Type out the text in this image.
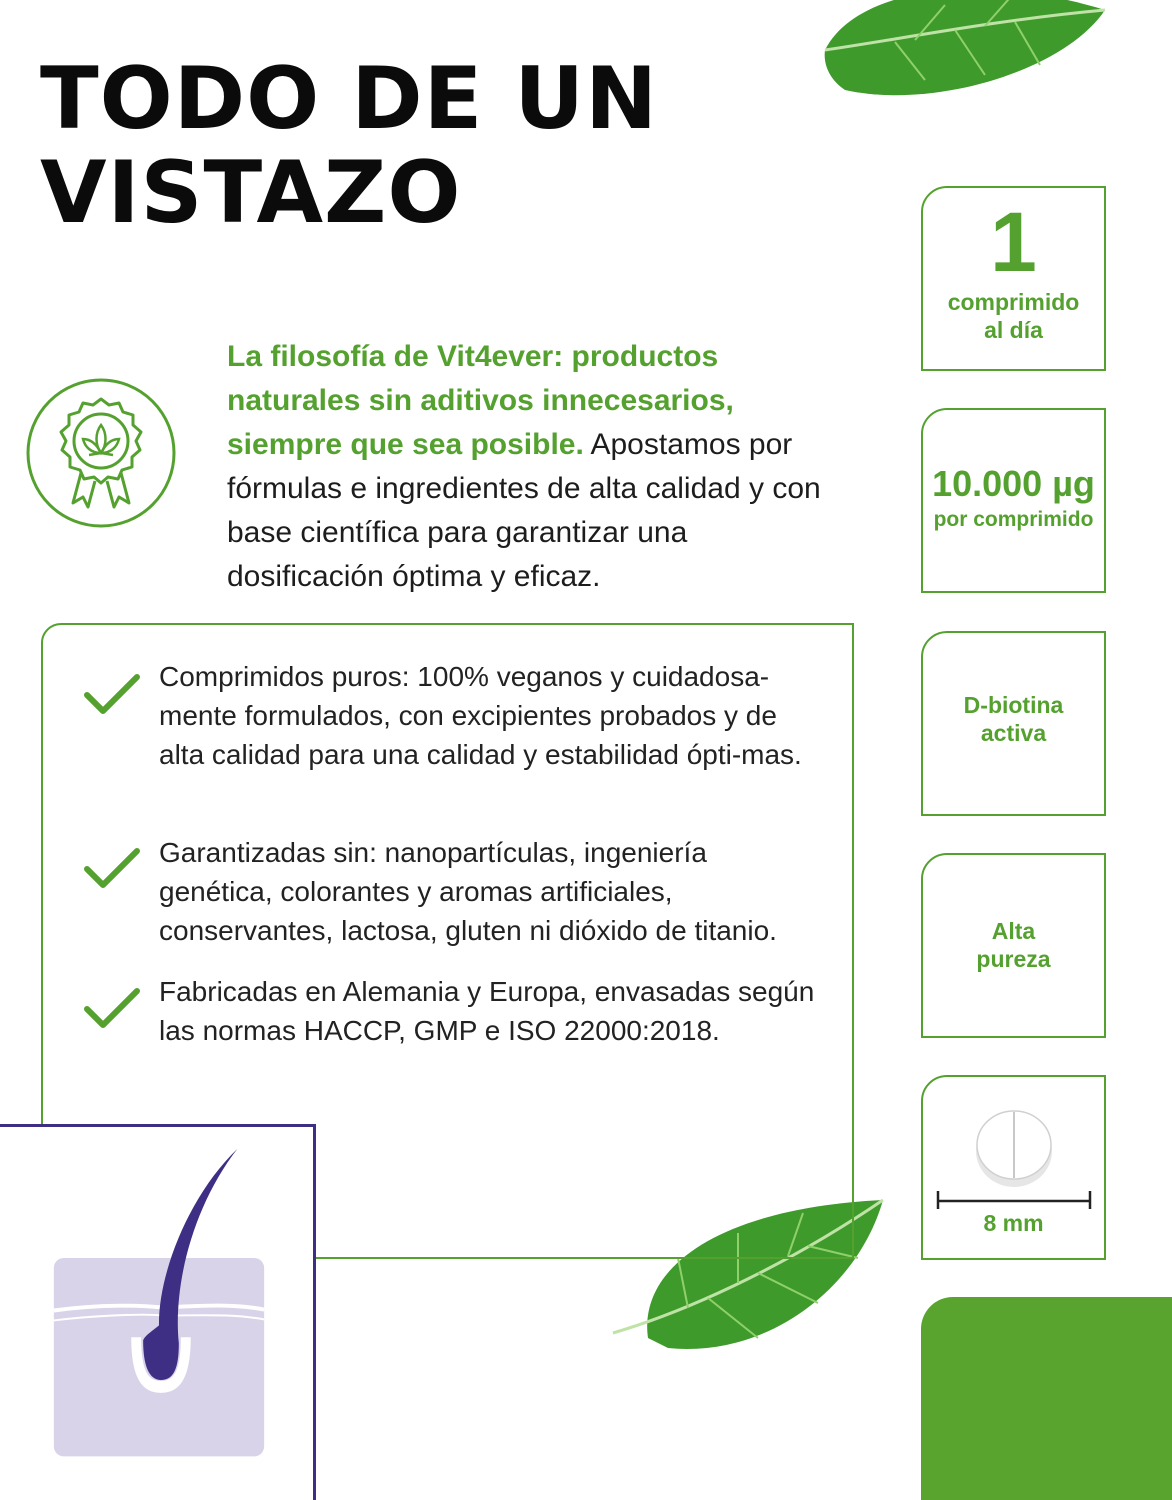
TODO DE UN
VISTAZO

La filosofía de Vit4ever: productos naturales sin aditivos innecesarios, siempre que sea posible. Apostamos por fórmulas e ingredientes de alta calidad y con base científica para garantizar una dosificación óptima y eficaz.

Comprimidos puros: 100% veganos y cuidadosa-mente formulados, con excipientes probados y de alta calidad para una calidad y estabilidad ópti-mas.

Garantizadas sin: nanopartículas, ingeniería genética, colorantes y aromas artificiales, conservantes, lactosa, gluten ni dióxido de titanio.

Fabricadas en Alemania y Europa, envasadas según las normas HACCP, GMP e ISO 22000:2018.

1
comprimido
al día
10.000 µg
por comprimido
D-biotina
activa
Alta
pureza
8 mm
